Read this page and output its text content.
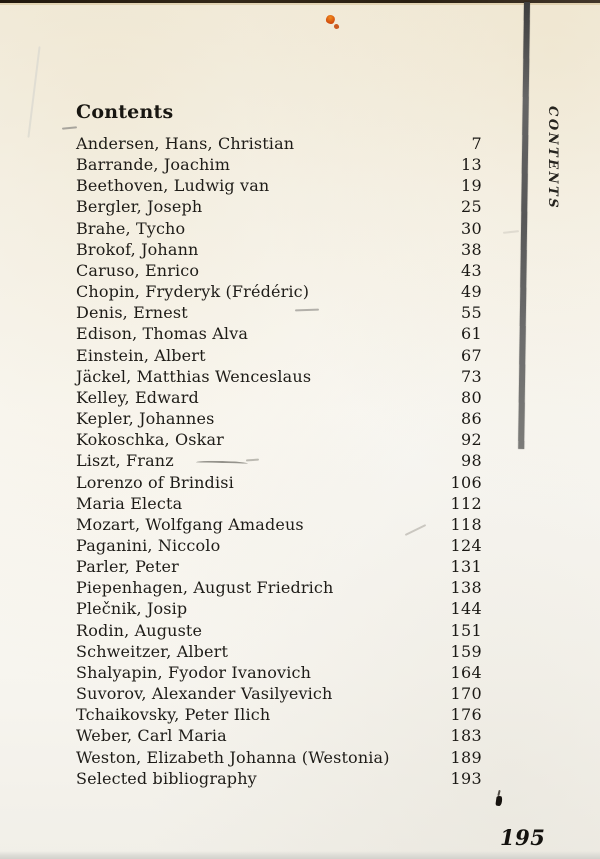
CONTENTS
Contents
Andersen, Hans, Christian	7
Barrande, Joachim	13
Beethoven, Ludwig van	19
Bergler, Joseph	25
Brahe, Tycho	30
Brokof, Johann	38
Caruso, Enrico	43
Chopin, Fryderyk (Frédéric)	49
Denis, Ernest	55
Edison, Thomas Alva	61
Einstein, Albert	67
Jäckel, Matthias Wenceslaus	73
Kelley, Edward	80
Kepler, Johannes	86
Kokoschka, Oskar	92
Liszt, Franz	98
Lorenzo of Brindisi	106
Maria Electa	112
Mozart, Wolfgang Amadeus	118
Paganini, Niccolo	124
Parler, Peter	131
Piepenhagen, August Friedrich	138
Plečnik, Josip	144
Rodin, Auguste	151
Schweitzer, Albert	159
Shalyapin, Fyodor Ivanovich	164
Suvorov, Alexander Vasilyevich	170
Tchaikovsky, Peter Ilich	176
Weber, Carl Maria	183
Weston, Elizabeth Johanna (Westonia)	189
Selected bibliography	193
195
